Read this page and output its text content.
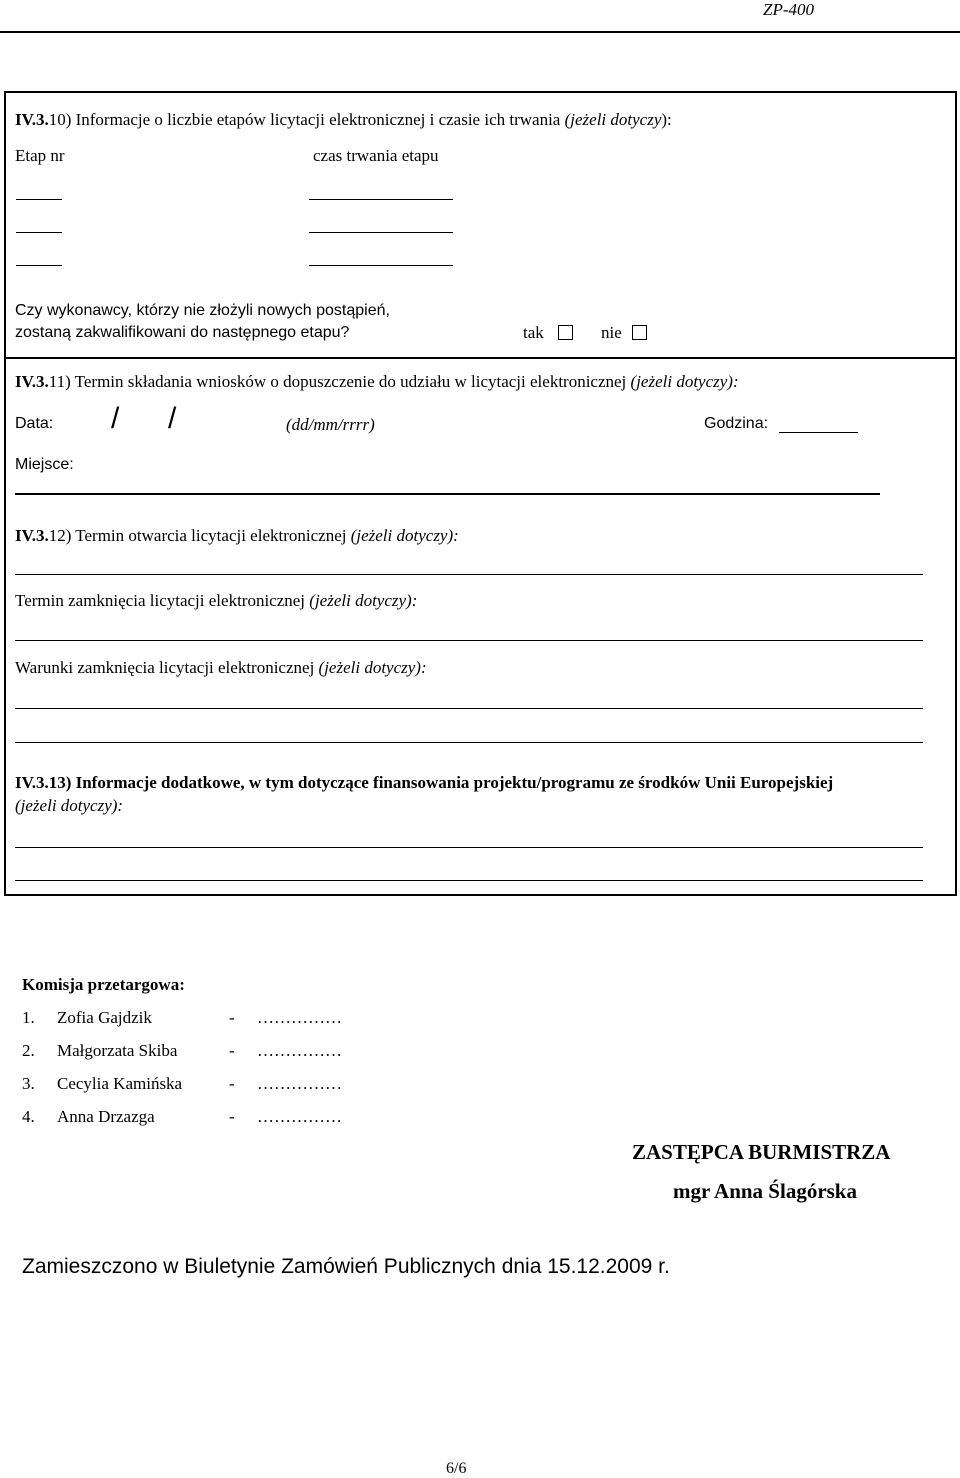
ZP-400
IV.3.10) Informacje o liczbie etapów licytacji elektronicznej i czasie ich trwania (jeżeli dotyczy):
Etap nr	czas trwania etapu
Czy wykonawcy, którzy nie złożyli nowych postąpień,
zostaną zakwalifikowani do następnego etapu?	tak	nie
IV.3.11) Termin składania wniosków o dopuszczenie do udziału w licytacji elektronicznej (jeżeli dotyczy):
Data: / /	(dd/mm/rrrr)	Godzina:
Miejsce:
IV.3.12) Termin otwarcia licytacji elektronicznej (jeżeli dotyczy):
Termin zamknięcia licytacji elektronicznej (jeżeli dotyczy):
Warunki zamknięcia licytacji elektronicznej (jeżeli dotyczy):
IV.3.13) Informacje dodatkowe, w tym dotyczące finansowania projektu/programu ze środków Unii Europejskiej
(jeżeli dotyczy):
Komisja przetargowa:
1. Zofia Gajdzik	- ……………
2. Małgorzata Skiba	- ……………
3. Cecylia Kamińska	- ……………
4. Anna Drzazga	- ……………
ZASTĘPCA BURMISTRZA
mgr Anna Ślagórska
Zamieszczono w Biuletynie Zamówień Publicznych dnia 15.12.2009 r.
6/6
